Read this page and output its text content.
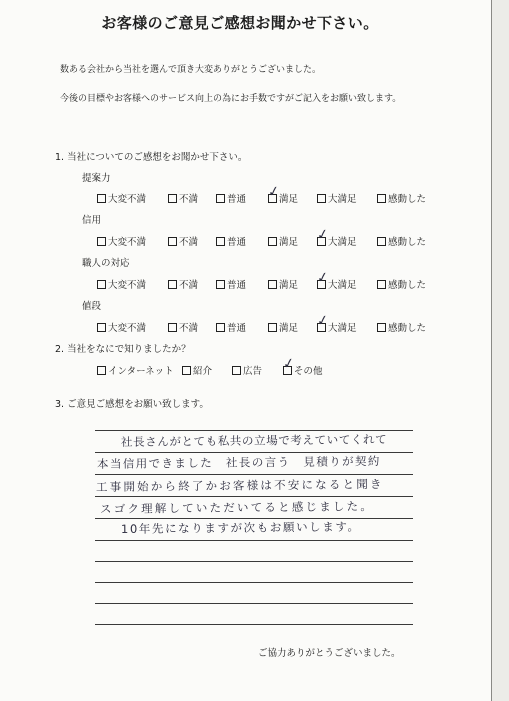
お客様のご意見ご感想お聞かせ下さい。
数ある会社から当社を選んで頂き大変ありがとうございました。
今後の目標やお客様へのサービス向上の為にお手数ですがご記入をお願い致します。
1. 当社についてのご感想をお聞かせ下さい。
提案力
大変不満	不満	普通 ✓
満足	大満足	感動した
信用
大変不満	不満	普通	満足 ✓
大満足	感動した
職人の対応
大変不満	不満	普通	満足 ✓
大満足	感動した
値段
大変不満	不満	普通	満足 ✓
大満足	感動した
2. 当社をなにで知りましたか？
インターネット 紹介	広告 ✓
その他
3. ご意見ご感想をお願い致します。
社長さんがとても私共の立場で考えていてくれて
本当信用できました　社長の言う　見積りが契約
工事開始から終了かお客様は不安になると聞き
スゴク理解していただいてると感じました。
10年先になりますが次もお願いします。
ご協力ありがとうございました。
